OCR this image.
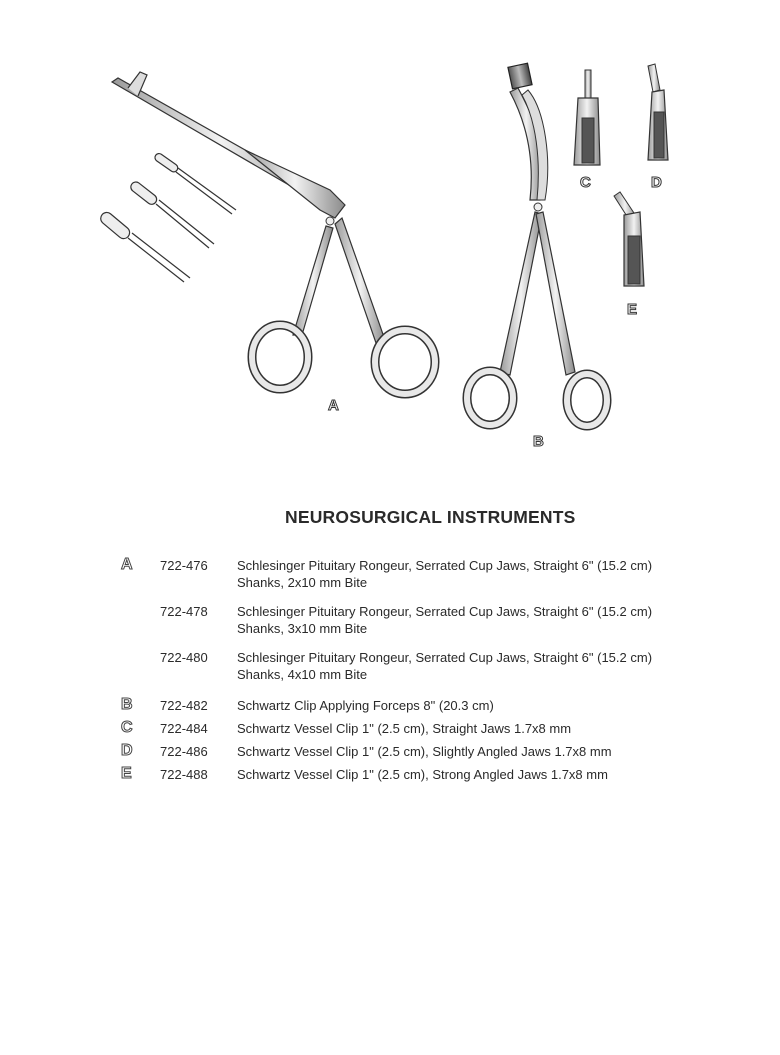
A
B
C	D
E
NEUROSURGICAL INSTRUMENTS
A 722-476 Schlesinger Pituitary Rongeur, Serrated Cup Jaws, Straight 6" (15.2 cm)
Shanks, 2x10 mm Bite
722-478 Schlesinger Pituitary Rongeur, Serrated Cup Jaws, Straight 6" (15.2 cm)
Shanks, 3x10 mm Bite
722-480 Schlesinger Pituitary Rongeur, Serrated Cup Jaws, Straight 6" (15.2 cm)
Shanks, 4x10 mm Bite
B 722-482 Schwartz Clip Applying Forceps 8" (20.3 cm)
C 722-484 Schwartz Vessel Clip 1" (2.5 cm), Straight Jaws 1.7x8 mm
D 722-486 Schwartz Vessel Clip 1" (2.5 cm), Slightly Angled Jaws 1.7x8 mm
E 722-488 Schwartz Vessel Clip 1" (2.5 cm), Strong Angled Jaws 1.7x8 mm
